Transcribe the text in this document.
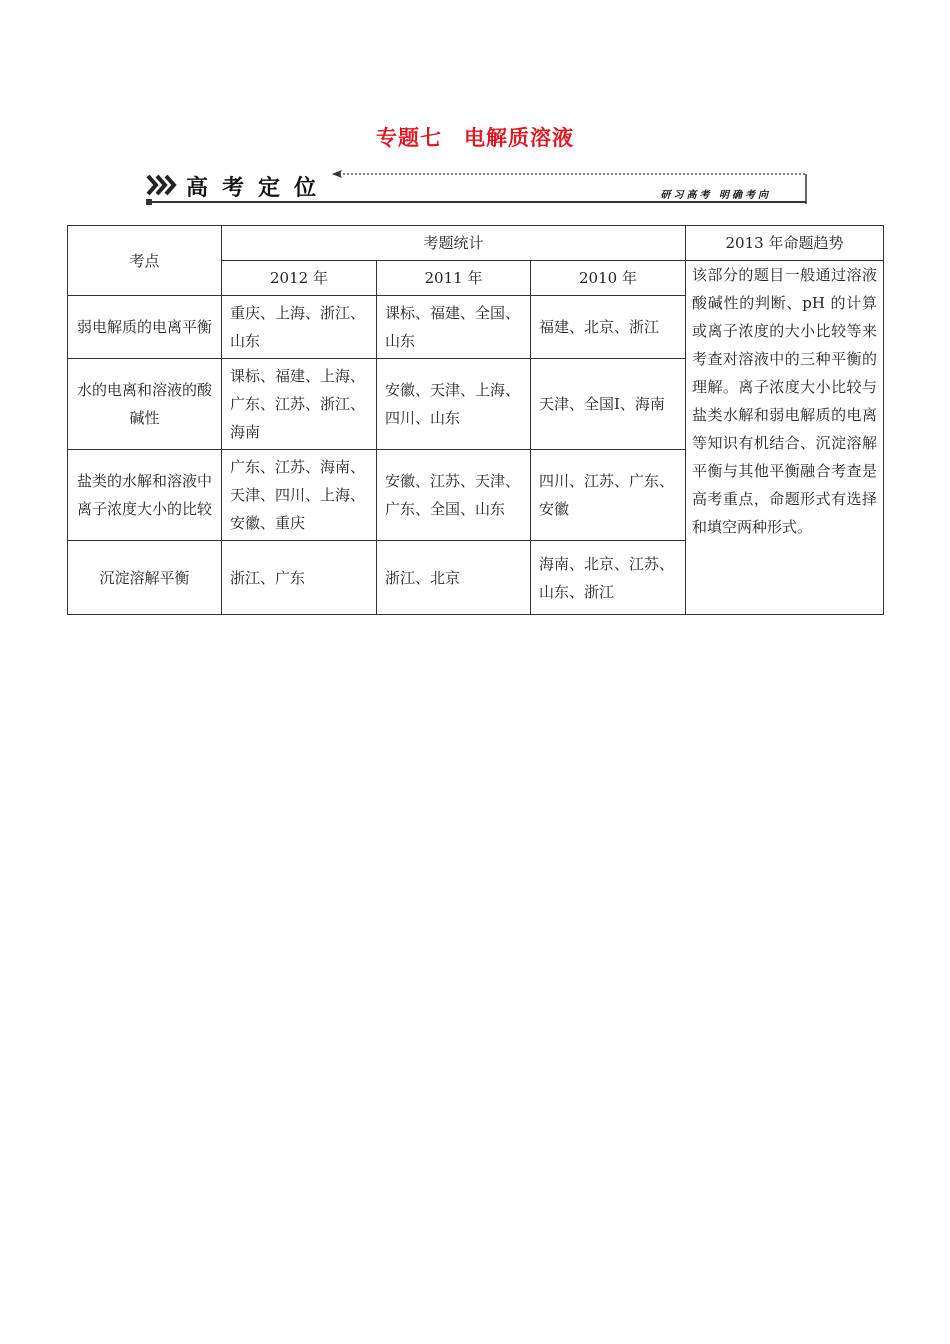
专题七　电解质溶液
高考定位	研习高考 明确考向
考点	考题统计			2013 年命题趋势
	2012 年	2011 年	2010 年	该部分的题目一般通过溶液酸碱性的判断、pH 的计算或离子浓度的大小比较等来考查对溶液中的三种平衡的理解。离子浓度大小比较与盐类水解和弱电解质的电离等知识有机结合、沉淀溶解平衡与其他平衡融合考查是高考重点，命题形式有选择和填空两种形式。
弱电解质的电离平衡	重庆、上海、浙江、山东	课标、福建、全国、山东	福建、北京、浙江	
水的电离和溶液的酸碱性	课标、福建、上海、广东、江苏、浙江、海南	安徽、天津、上海、四川、山东	天津、全国Ⅰ、海南	
盐类的水解和溶液中离子浓度大小的比较	广东、江苏、海南、天津、四川、上海、安徽、重庆	安徽、江苏、天津、广东、全国、山东	四川、江苏、广东、安徽	
沉淀溶解平衡	浙江、广东	浙江、北京	海南、北京、江苏、山东、浙江	
